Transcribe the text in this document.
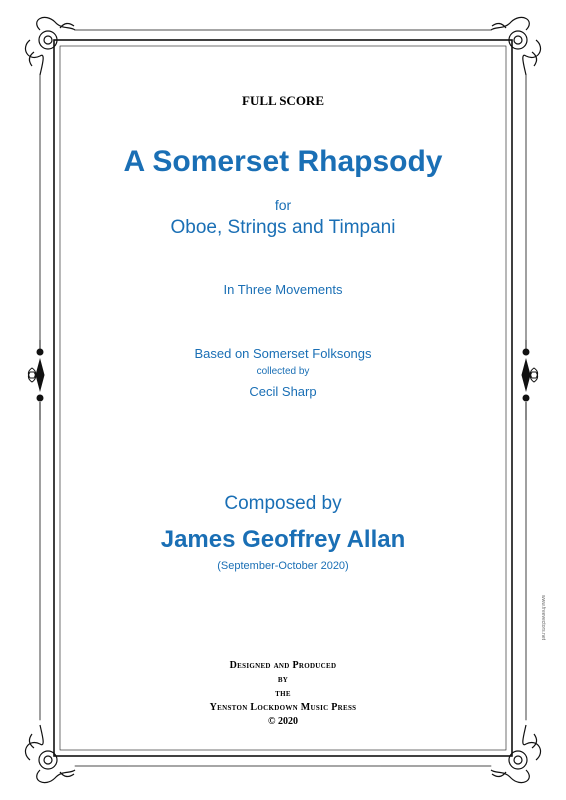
FULL SCORE
A Somerset Rhapsody
for
Oboe, Strings and Timpani
In Three Movements
Based on Somerset Folksongs
collected by
Cecil Sharp
Composed by
James Geoffrey Allan
(September-October 2020)
Designed and Produced
by
the
Yenston Lockdown Music Press
© 2020
www.freevectors.net
